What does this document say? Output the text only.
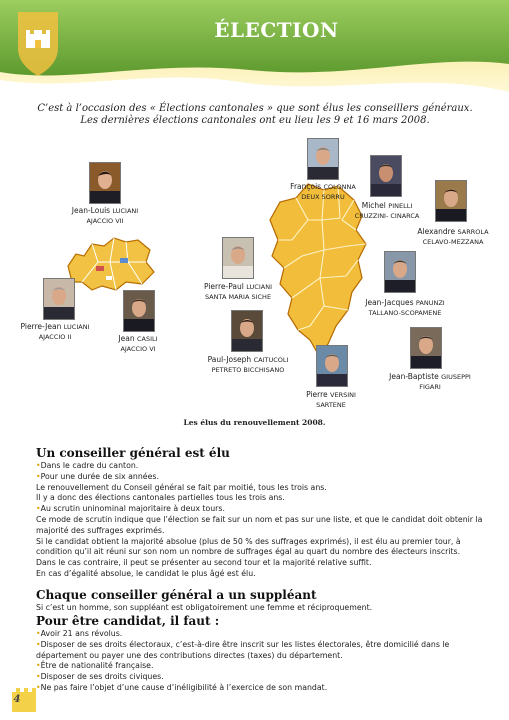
ÉLECTION
C’est à l’occasion des « Élections cantonales » que sont élus les conseillers généraux.
Les dernières élections cantonales ont eu lieu les 9 et 16 mars 2008.
Jean-Louis LUCIANI
AJACCIO VII
Pierre-Jean LUCIANI
AJACCIO II	Jean CASILI
AJACCIO VI
François COLONNA
DEUX SORRU
Michel PINELLI
CRUZZINI- CINARCA
Alexandre SARROLA
CELAVO-MEZZANA
Pierre-Paul LUCIANI
SANTA MARIA SICHE
Jean-Jacques PANUNZI
TALLANO-SCOPAMENE
Paul-Joseph CAITUCOLI
PETRETO BICCHISANO
Pierre VERSINI
SARTENE
Jean-Baptiste GIUSEPPI
FIGARI
Les élus du renouvellement 2008.
Un conseiller général est élu
• Dans le cadre du canton.
• Pour une durée de six années.
Le renouvellement du Conseil général se fait par moitié, tous les trois ans.
Il y a donc des élections cantonales partielles tous les trois ans.
• Au scrutin uninominal majoritaire à deux tours.
Ce mode de scrutin indique que l’élection se fait sur un nom et pas sur une liste, et que le candidat doit obtenir la majorité des suffrages exprimés.
Si le candidat obtient la majorité absolue (plus de 50 % des suffrages exprimés), il est élu au premier tour, à condition qu’il ait réuni sur son nom un nombre de suffrages égal au quart du nombre des électeurs inscrits.
Dans le cas contraire, il peut se présenter au second tour et la majorité relative suffit.
En cas d’égalité absolue, le candidat le plus âgé est élu.
Chaque conseiller général a un suppléant
Si c’est un homme, son suppléant est obligatoirement une femme et réciproquement.
Pour être candidat, il faut :
• Avoir 21 ans révolus.
• Disposer de ses droits électoraux, c’est-à-dire être inscrit sur les listes électorales, être domicilié dans le département ou payer une des contributions directes (taxes) du département.
• Être de nationalité française.
• Disposer de ses droits civiques.
• Ne pas faire l’objet d’une cause d’inéligibilité à l’exercice de son mandat.
4
